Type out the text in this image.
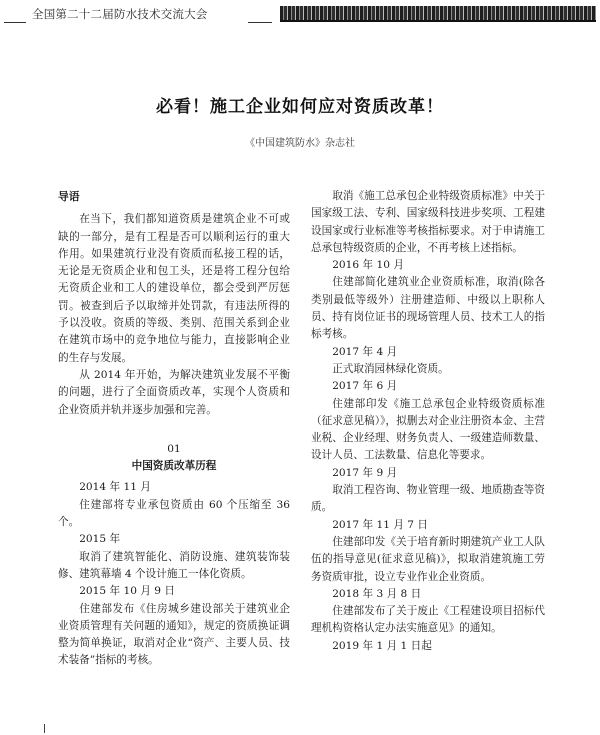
全国第二十二届防水技术交流大会
必看！施工企业如何应对资质改革！
《中国建筑防水》杂志社

导语

在当下，我们都知道资质是建筑企业不可或缺的一部分，是有工程是否可以顺利运行的重大作用。如果建筑行业没有资质而私接工程的话，无论是无资质企业和包工头，还是将工程分包给无资质企业和工人的建设单位，都会受到严厉惩罚。被查到后予以取缔并处罚款，有违法所得的予以没收。资质的等级、类别、范围关系到企业在建筑市场中的竞争地位与能力，直接影响企业的生存与发展。

从 2014 年开始，为解决建筑业发展不平衡的问题，进行了全面资质改革，实现个人资质和企业资质并轨并逐步加强和完善。

01

中国资质改革历程

2014 年 11 月

住建部将专业承包资质由 60 个压缩至 36 个。

2015 年

取消了建筑智能化、消防设施、建筑装饰装修、建筑幕墙 4 个设计施工一体化资质。

2015 年 10 月 9 日

住建部发布《住房城乡建设部关于建筑业企业资质管理有关问题的通知》，规定的资质换证调整为简单换证，取消对企业“资产、主要人员、技术装备”指标的考核。

取消《施工总承包企业特级资质标准》中关于国家级工法、专利、国家级科技进步奖项、工程建设国家或行业标准等考核指标要求。对于申请施工总承包特级资质的企业，不再考核上述指标。

2016 年 10 月

住建部简化建筑业企业资质标准，取消(除各类别最低等级外）注册建造师、中级以上职称人员、持有岗位证书的现场管理人员、技术工人的指标考核。

2017 年 4 月

正式取消园林绿化资质。

2017 年 6 月

住建部印发《施工总承包企业特级资质标准（征求意见稿）》，拟删去对企业注册资本金、主营业税、企业经理、财务负责人、一级建造师数量、设计人员、工法数量、信息化等要求。

2017 年 9 月

取消工程咨询、物业管理一级、地质勘查等资质。

2017 年 11 月 7 日

住建部印发《关于培育新时期建筑产业工人队伍的指导意见(征求意见稿)》，拟取消建筑施工劳务资质审批，设立专业作业企业资质。

2018 年 3 月 8 日

住建部发布了关于废止《工程建设项目招标代理机构资格认定办法实施意见》的通知。

2019 年 1 月 1 日起
